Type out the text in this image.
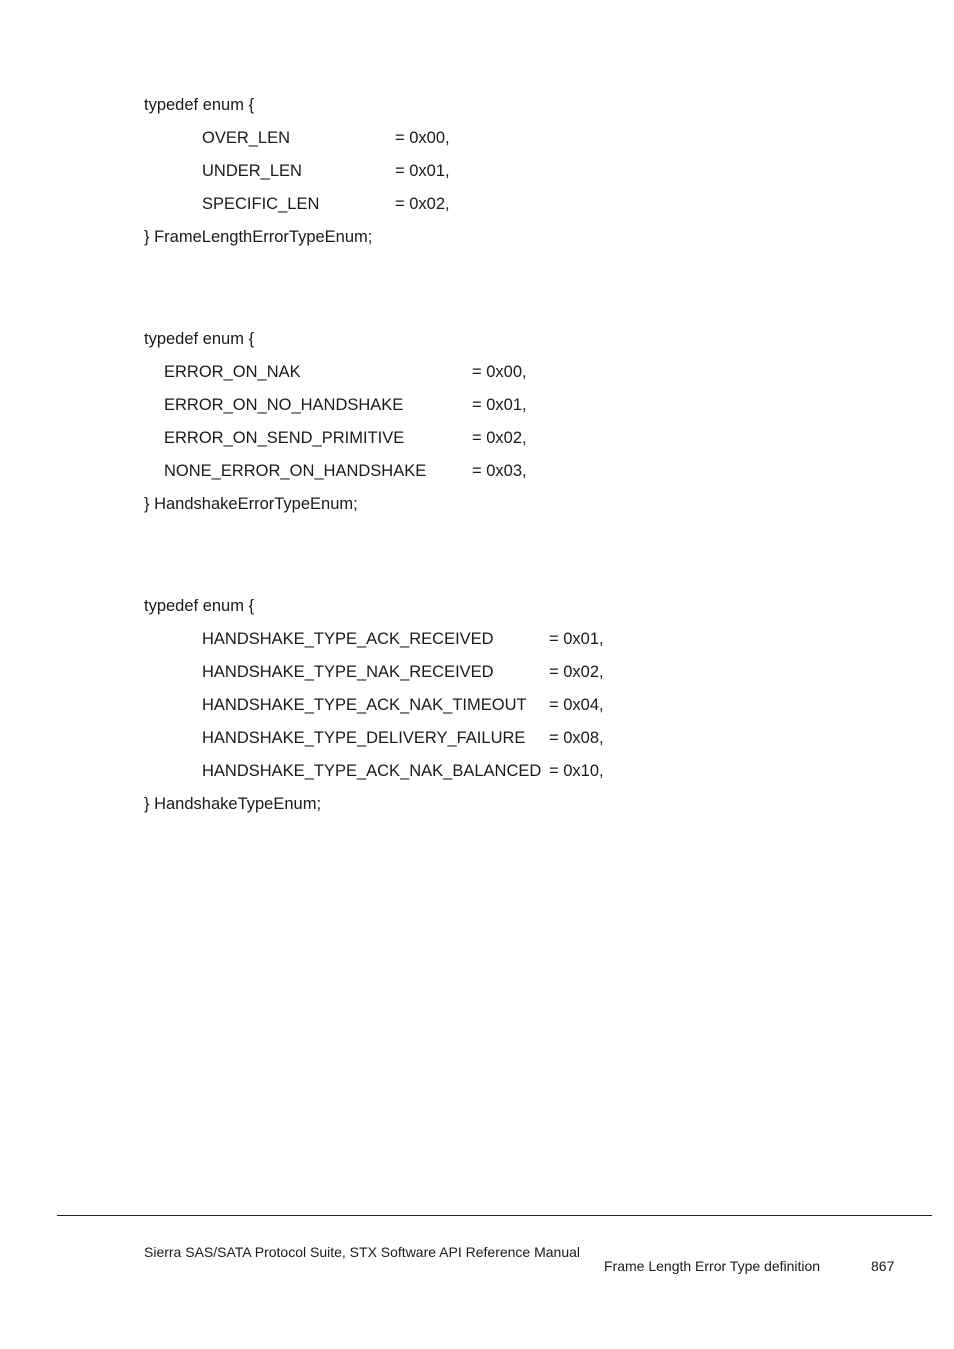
typedef enum {
OVER_LEN	= 0x00,
UNDER_LEN	= 0x01,
SPECIFIC_LEN	= 0x02,
} FrameLengthErrorTypeEnum;
typedef enum {
ERROR_ON_NAK	= 0x00,
ERROR_ON_NO_HANDSHAKE	= 0x01,
ERROR_ON_SEND_PRIMITIVE	= 0x02,
NONE_ERROR_ON_HANDSHAKE	= 0x03,
} HandshakeErrorTypeEnum;
typedef enum {
HANDSHAKE_TYPE_ACK_RECEIVED	= 0x01,
HANDSHAKE_TYPE_NAK_RECEIVED	= 0x02,
HANDSHAKE_TYPE_ACK_NAK_TIMEOUT = 0x04,
HANDSHAKE_TYPE_DELIVERY_FAILURE = 0x08,
HANDSHAKE_TYPE_ACK_NAK_BALANCED = 0x10,
} HandshakeTypeEnum;
Sierra SAS/SATA Protocol Suite, STX Software API Reference Manual
Frame Length Error Type definition	867
